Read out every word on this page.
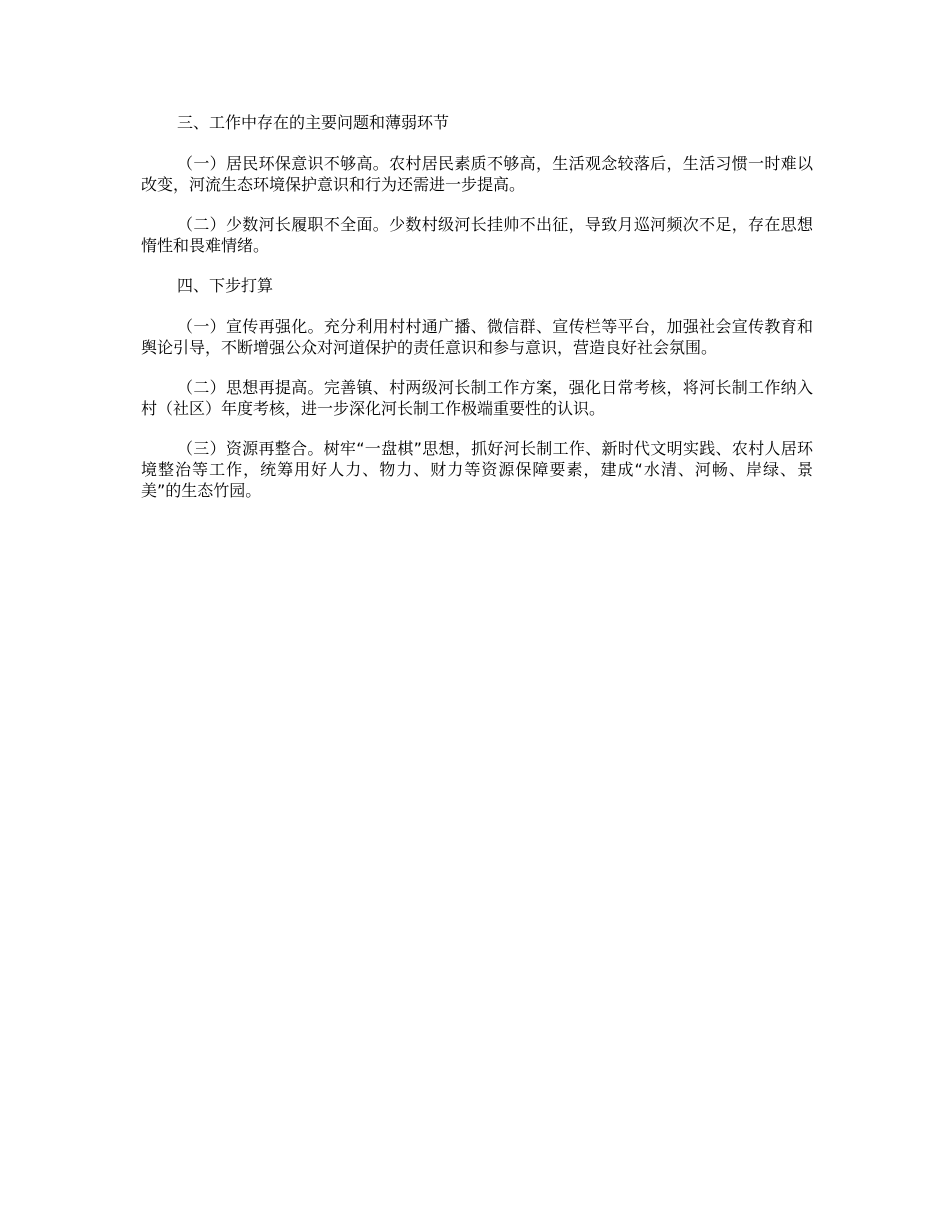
三、工作中存在的主要问题和薄弱环节

（一）居民环保意识不够高。农村居民素质不够高，生活观念较落后，生活习惯一时难以改变，河流生态环境保护意识和行为还需进一步提高。

（二）少数河长履职不全面。少数村级河长挂帅不出征，导致月巡河频次不足，存在思想惰性和畏难情绪。

四、下步打算

（一）宣传再强化。充分利用村村通广播、微信群、宣传栏等平台，加强社会宣传教育和舆论引导，不断增强公众对河道保护的责任意识和参与意识，营造良好社会氛围。

（二）思想再提高。完善镇、村两级河长制工作方案，强化日常考核，将河长制工作纳入村（社区）年度考核，进一步深化河长制工作极端重要性的认识。

（三）资源再整合。树牢“一盘棋”思想，抓好河长制工作、新时代文明实践、农村人居环境整治等工作，统筹用好人力、物力、财力等资源保障要素，建成“水清、河畅、岸绿、景美”的生态竹园。
